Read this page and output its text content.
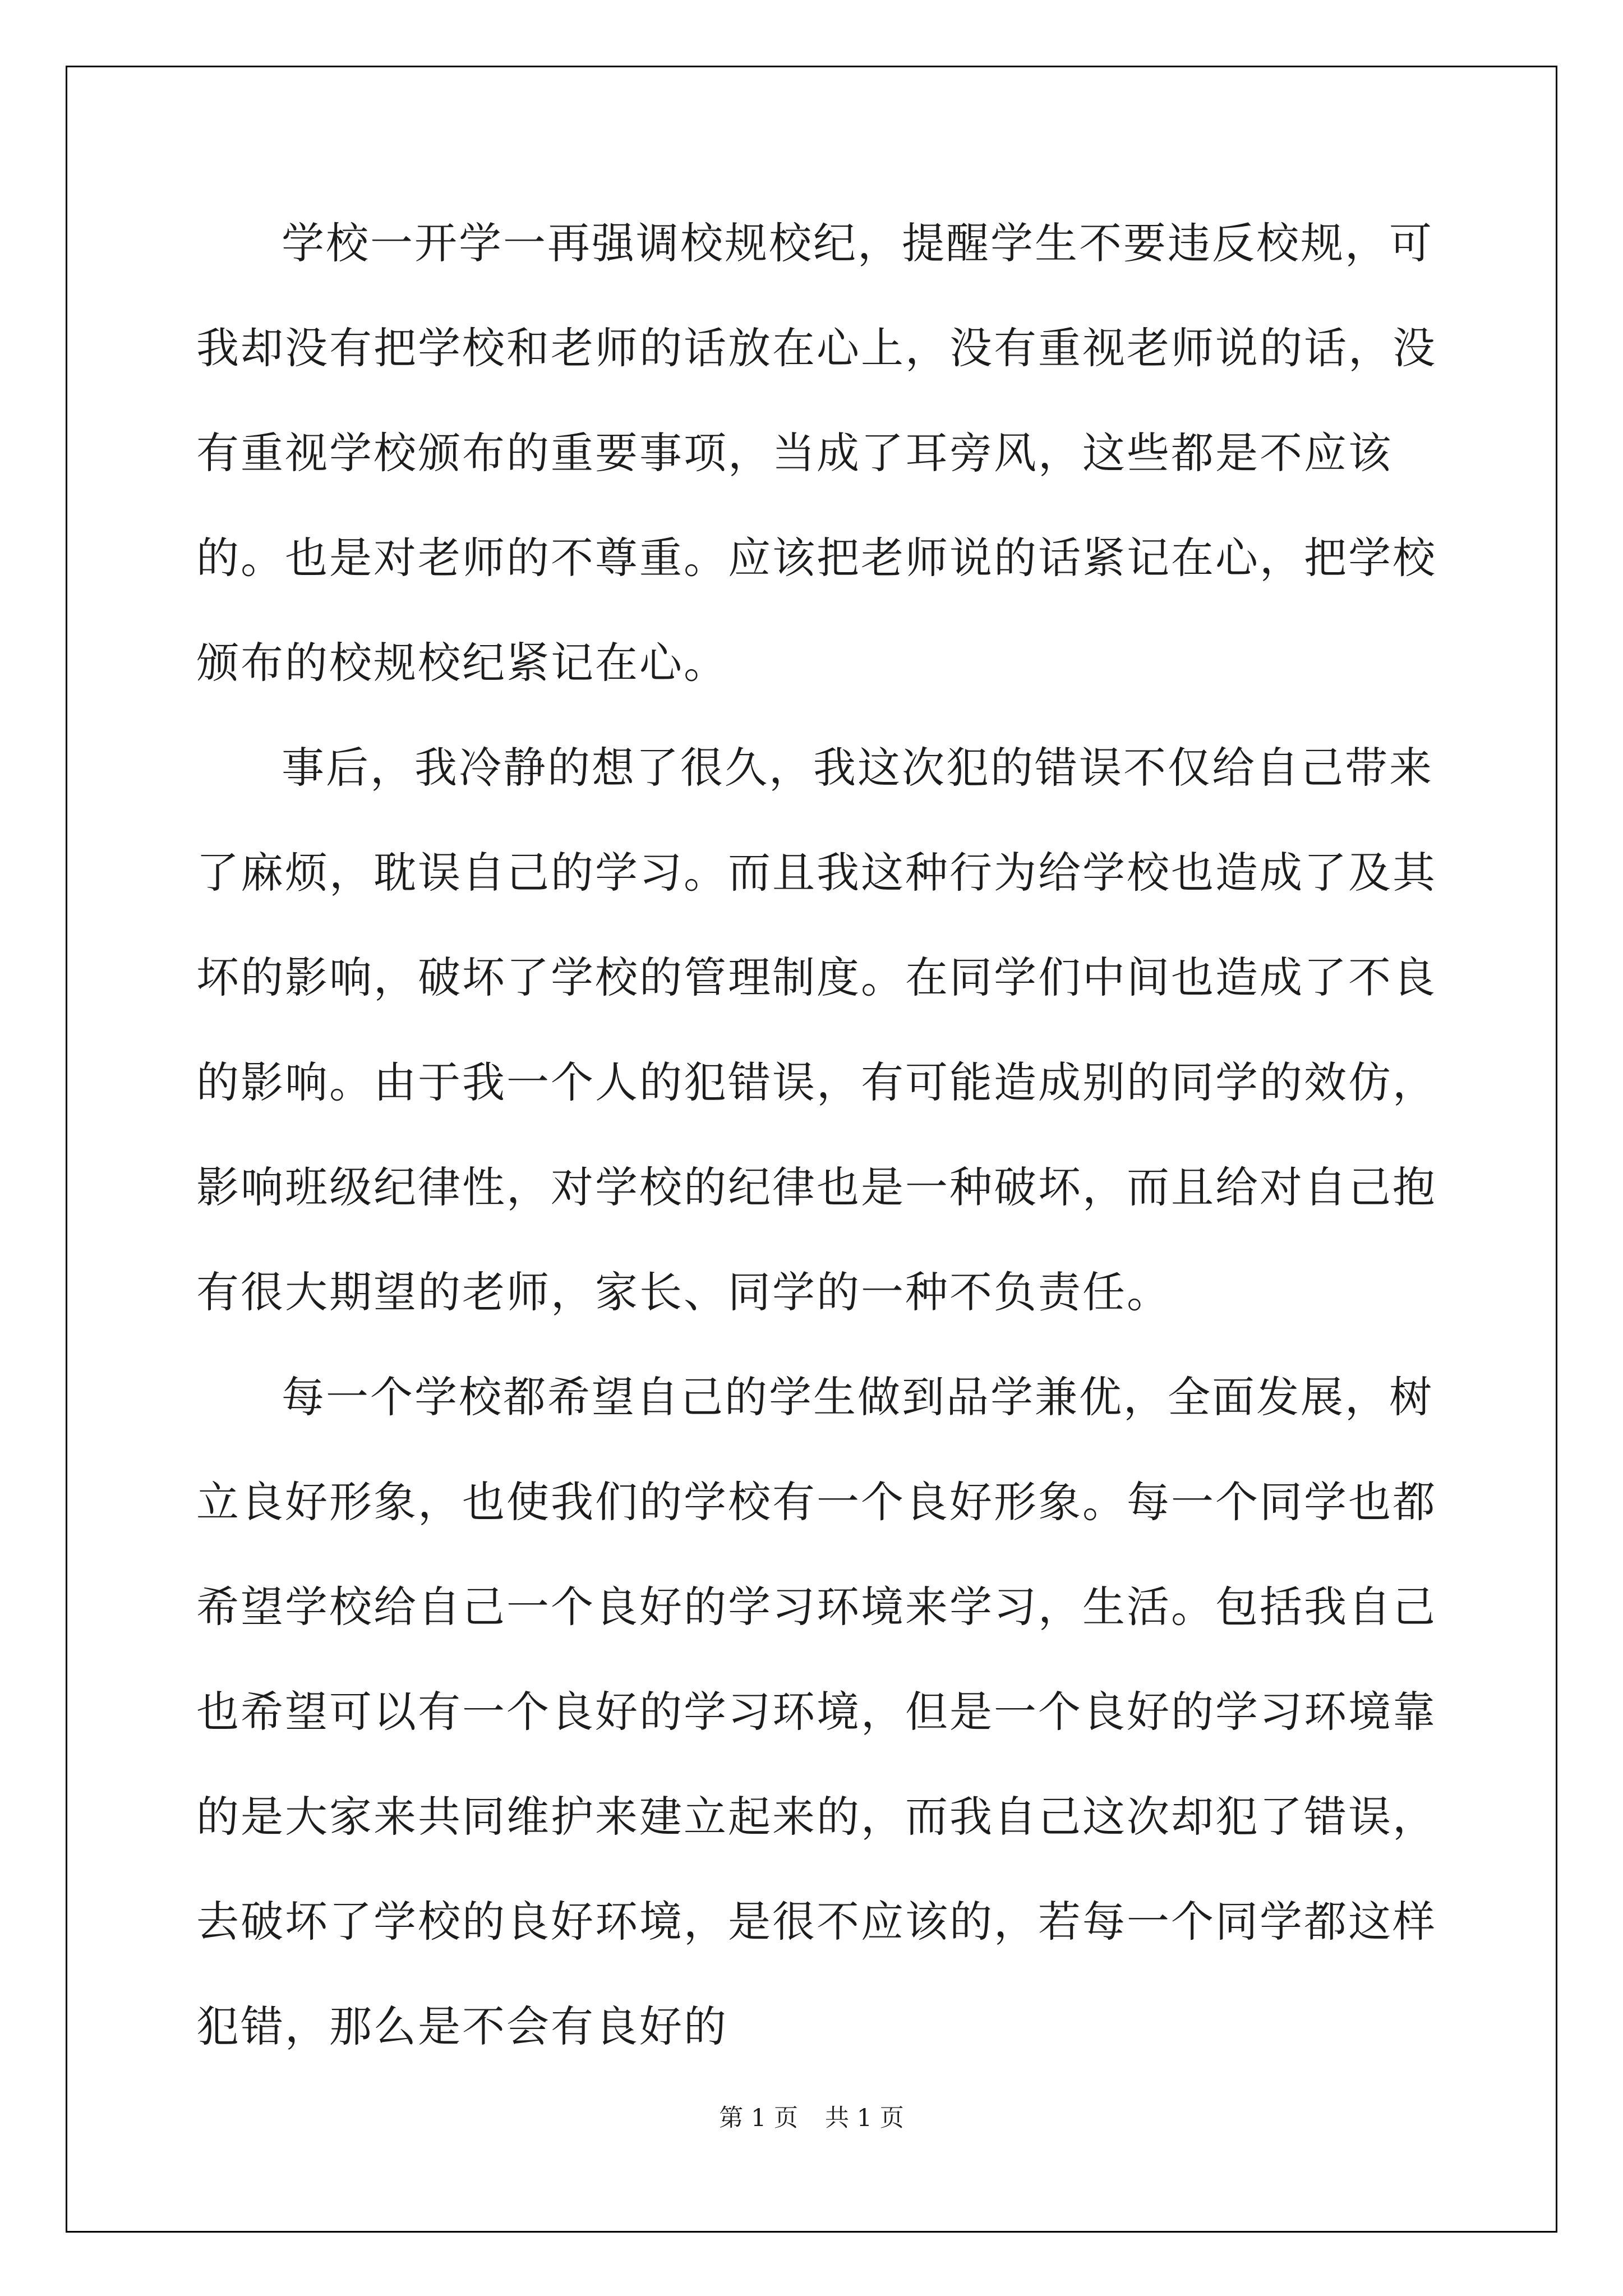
学校一开学一再强调校规校纪，提醒学生不要违反校规，可我却没有把学校和老师的话放在心上，没有重视老师说的话，没有重视学校颁布的重要事项，当成了耳旁风，这些都是不应该的。也是对老师的不尊重。应该把老师说的话紧记在心，把学校颁布的校规校纪紧记在心。

事后，我冷静的想了很久，我这次犯的错误不仅给自己带来了麻烦，耽误自己的学习。而且我这种行为给学校也造成了及其坏的影响，破坏了学校的管理制度。在同学们中间也造成了不良的影响。由于我一个人的犯错误，有可能造成别的同学的效仿，影响班级纪律性，对学校的纪律也是一种破坏，而且给对自己抱有很大期望的老师，家长、同学的一种不负责任。

每一个学校都希望自己的学生做到品学兼优，全面发展，树立良好形象，也使我们的学校有一个良好形象。每一个同学也都希望学校给自己一个良好的学习环境来学习，生活。包括我自己也希望可以有一个良好的学习环境，但是一个良好的学习环境靠的是大家来共同维护来建立起来的，而我自己这次却犯了错误，去破坏了学校的良好环境，是很不应该的，若每一个同学都这样犯错，那么是不会有良好的

第 1 页 共 1 页
